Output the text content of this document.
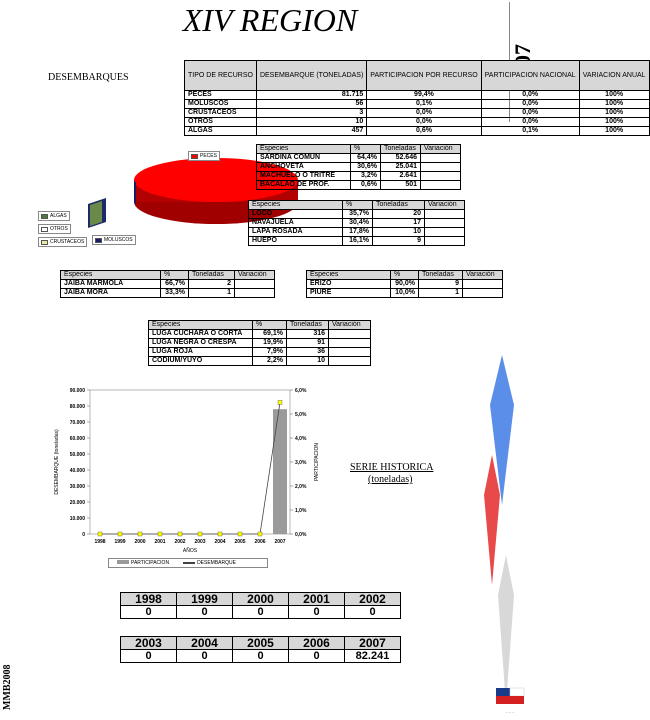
XIV REGION
DESEMBARQUES	TIPO DE RECURSO	DESEMBARQUE (TONELADAS)	PARTICIPACION POR RECURSO	PARTICIPACION NACIONAL	VARIACION ANUAL
PECES	81.715	99,4%	0,0%	100%
MOLUSCOS	56	0,1%	0,0%	100%
CRUSTACEOS	3	0,0%	0,0%	100%
OTROS	10	0,0%	0,0%	100%
ALGAS	457	0,6%	0,1%	100%
PECES
ALGAS
OTROS
CRUSTACEOS	MOLUSCOS
Especies	%	Toneladas	Variación
SARDINA COMUN	64,4%	52.646	
ANCHOVETA	30,6%	25.041	
MACHUELO O TRITRE	3,2%	2.641	
BACALAO DE PROF.	0,6%	501	
Especies	%	Toneladas	Variación
LOCO	35,7%	20	
NAVAJUELA	30,4%	17	
LAPA ROSADA	17,8%	10	
HUEPO	16,1%	9	
Especies	%	Toneladas	Variación
JAIBA MARMOLA	66,7%	2	
JAIBA MORA	33,3%	1	
Especies	%	Toneladas	Variación
ERIZO	90,0%	9	
PIURE	10,0%	1	
Especies	%	Toneladas	Variación
LUGA CUCHARA O CORTA	69,1%	316	
LUGA NEGRA O CRESPA	19,9%	91	
LUGA ROJA	7,9%	36	
CODIUM/YUYO	2,2%	10	
0
10.000
20.000
30.000
40.000
50.000
60.000
70.000
80.000
90.000
0,0%
1,0%
2,0%
3,0%
4,0%
5,0%
6,0%
1998 1999 2000 2001 2002 2003 2004 2005 2006 2007
AÑOS
DESEMBARQUE (toneladas)	PARTICIPACION
PARTICIPACION	DESEMBARQUE
SERIE HISTORICA
(toneladas)
1998	1999	2000	2001	2002
0	0	0	0	0
2003	2004	2005	2006	2007
0	0	0	0	82.241
· · ·
MMB2008
